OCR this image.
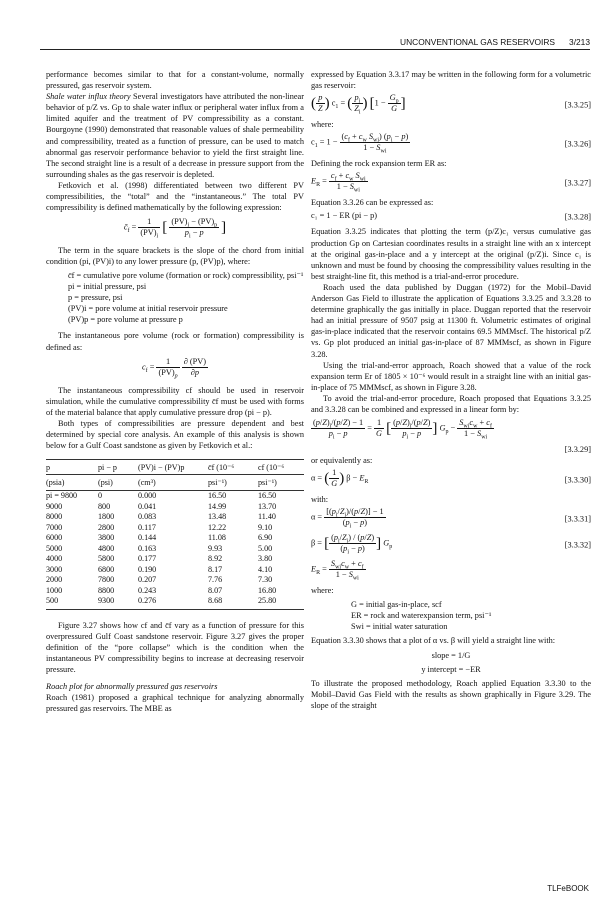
UNCONVENTIONAL GAS RESERVOIRS 3/213

performance becomes similar to that for a constant-volume, normally pressured, gas reservoir system.

Shale water influx theory Several investigators have attributed the non-linear behavior of p/Z vs. Gp to shale water influx or peripheral water influx from a limited aquifer and the treatment of PV compressibility as a constant. Bourgoyne (1990) demonstrated that reasonable values of shale permeability and compressibility, treated as a function of pressure, can be used to match abnormal gas reservoir performance behavior to yield the first straight line. The second straight line is a result of a decrease in pressure support from the surrounding shales as the gas reservoir is depleted.

Fetkovich et al. (1998) differentiated between two different PV compressibilities, the “total” and the “instantaneous.” The total PV compressibility is defined mathematically by the following expression:

$c̄_f = \frac{1}{(PV)_i}$ [ $\frac{(PV)_i - (PV)_p}{p_i - p}$ ]

The term in the square brackets is the slope of the chord from initial condition (pi, (PV)i) to any lower pressure (p, (PV)p), where:

c̄f = cumulative pore volume (formation or rock) compressibility, psi⁻¹
pi = initial pressure, psi
p = pressure, psi
(PV)i = pore volume at initial reservoir pressure
(PV)p = pore volume at pressure p

The instantaneous pore volume (rock or formation) compressibility is defined as:

$c_f = \frac{1}{(PV)_p}$
$\frac{\partial (PV)}{\partial p}$

The instantaneous compressibility cf should be used in reservoir simulation, while the cumulative compressibility c̄f must be used with forms of the material balance that apply cumulative pressure drop (pi − p).

Both types of compressibilities are pressure dependent and best determined by special core analysis. An example of this analysis is shown below for a Gulf Coast sandstone as given by Fetkovich et al.:

p	pi − p	(PV)i − (PV)p	c̄f (10⁻⁶	cf (10⁻⁶
(psia)	(psi)	(cm³)	psi⁻¹)	psi⁻¹)
pi = 9800	0	0.000	16.50	16.50
9000	800	0.041	14.99	13.70
8000	1800	0.083	13.48	11.40
7000	2800	0.117	12.22	9.10
6000	3800	0.144	11.08	6.90
5000	4800	0.163	9.93	5.00
4000	5800	0.177	8.92	3.80
3000	6800	0.190	8.17	4.10
2000	7800	0.207	7.76	7.30
1000	8800	0.243	8.07	16.80
500	9300	0.276	8.68	25.80

Figure 3.27 shows how cf and c̄f vary as a function of pressure for this overpressured Gulf Coast sandstone reservoir. Figure 3.27 gives the proper definition of the “pore collapse” which is the condition when the instantaneous PV compressibility begins to increase at decreasing reservoir pressure.

Roach plot for abnormally pressured gas reservoirs

Roach (1981) proposed a graphical technique for analyzing abnormally pressured gas reservoirs. The MBE as

expressed by Equation 3.3.17 may be written in the following form for a volumetric gas reservoir:

( $\frac{p}{Z}$ ) $c_1$ = ( $\frac{p_i}{Z_i}$ ) [$1 - \frac{G_p}{G}$ ]	[3.3.25]

where:

$c_1 = 1 - \frac{(c_f + c_w S_{wi}) (p_i - p)}{1 - S_{wi}}$	[3.3.26]

Defining the rock expansion term ER as:

$E_R = \frac{c_f + c_w S_{wi}}{1 - S_{wi}}$	[3.3.27]

Equation 3.3.26 can be expressed as:

c₁ = 1 − ER (pi − p)	[3.3.28]

Equation 3.3.25 indicates that plotting the term (p/Z)c₁ versus cumulative gas production Gp on Cartesian coordinates results in a straight line with an x intercept at the original gas-in-place and a y intercept at the original (p/Z)i. Since c₁ is unknown and must be found by choosing the compressibility values resulting in the best straight-line fit, this method is a trial-and-error procedure.

Roach used the data published by Duggan (1972) for the Mobil–David Anderson Gas Field to illustrate the application of Equations 3.3.25 and 3.3.28 to determine graphically the gas initially in place. Duggan reported that the reservoir had an initial pressure of 9507 psig at 11300 ft. Volumetric estimates of original gas-in-place indicated that the reservoir contains 69.5 MMMscf. The historical p/Z vs. Gp plot produced an initial gas-in-place of 87 MMMscf, as shown in Figure 3.28.

Using the trial-and-error approach, Roach showed that a value of the rock expansion term Er of 1805 × 10⁻⁶ would result in a straight line with an initial gas-in-place of 75 MMMscf, as shown in Figure 3.28.

To avoid the trial-and-error procedure, Roach proposed that Equations 3.3.25 and 3.3.28 can be combined and expressed in a linear form by:

$\frac{(p/Z)_i/(p/Z) - 1}{p_i - p} = \frac{1}{G}$ [ $\frac{(p/Z)_i/(p/Z)}{p_i - p}$ ] $G_p - \frac{S_{wi}c_w + c_f}{1 - S_{wi}}$
[3.3.29]

or equivalently as:

α = ( $\frac{1}{G}$ ) $\beta - E_R$	[3.3.30]

with:

$\alpha = \frac{[(p_i/Z_i)/(p/Z)] - 1}{(p_i - p)}$	[3.3.31]
β = [ $\frac{(p_i/Z_i) / (p/Z)}{(p_i - p)}$ ] $G_p$	[3.3.32]
$E_R = \frac{S_{wi}c_w + c_f}{1 - S_{wi}}$

where:

G = initial gas-in-place, scf
ER = rock and waterexpansion term, psi⁻¹
Swi = initial water saturation

Equation 3.3.30 shows that a plot of α vs. β will yield a straight line with:

slope = 1/G
y intercept = −ER

To illustrate the proposed methodology, Roach applied Equation 3.3.30 to the Mobil–David Gas Field with the results as shown graphically in Figure 3.29. The slope of the straight

TLFeBOOK
